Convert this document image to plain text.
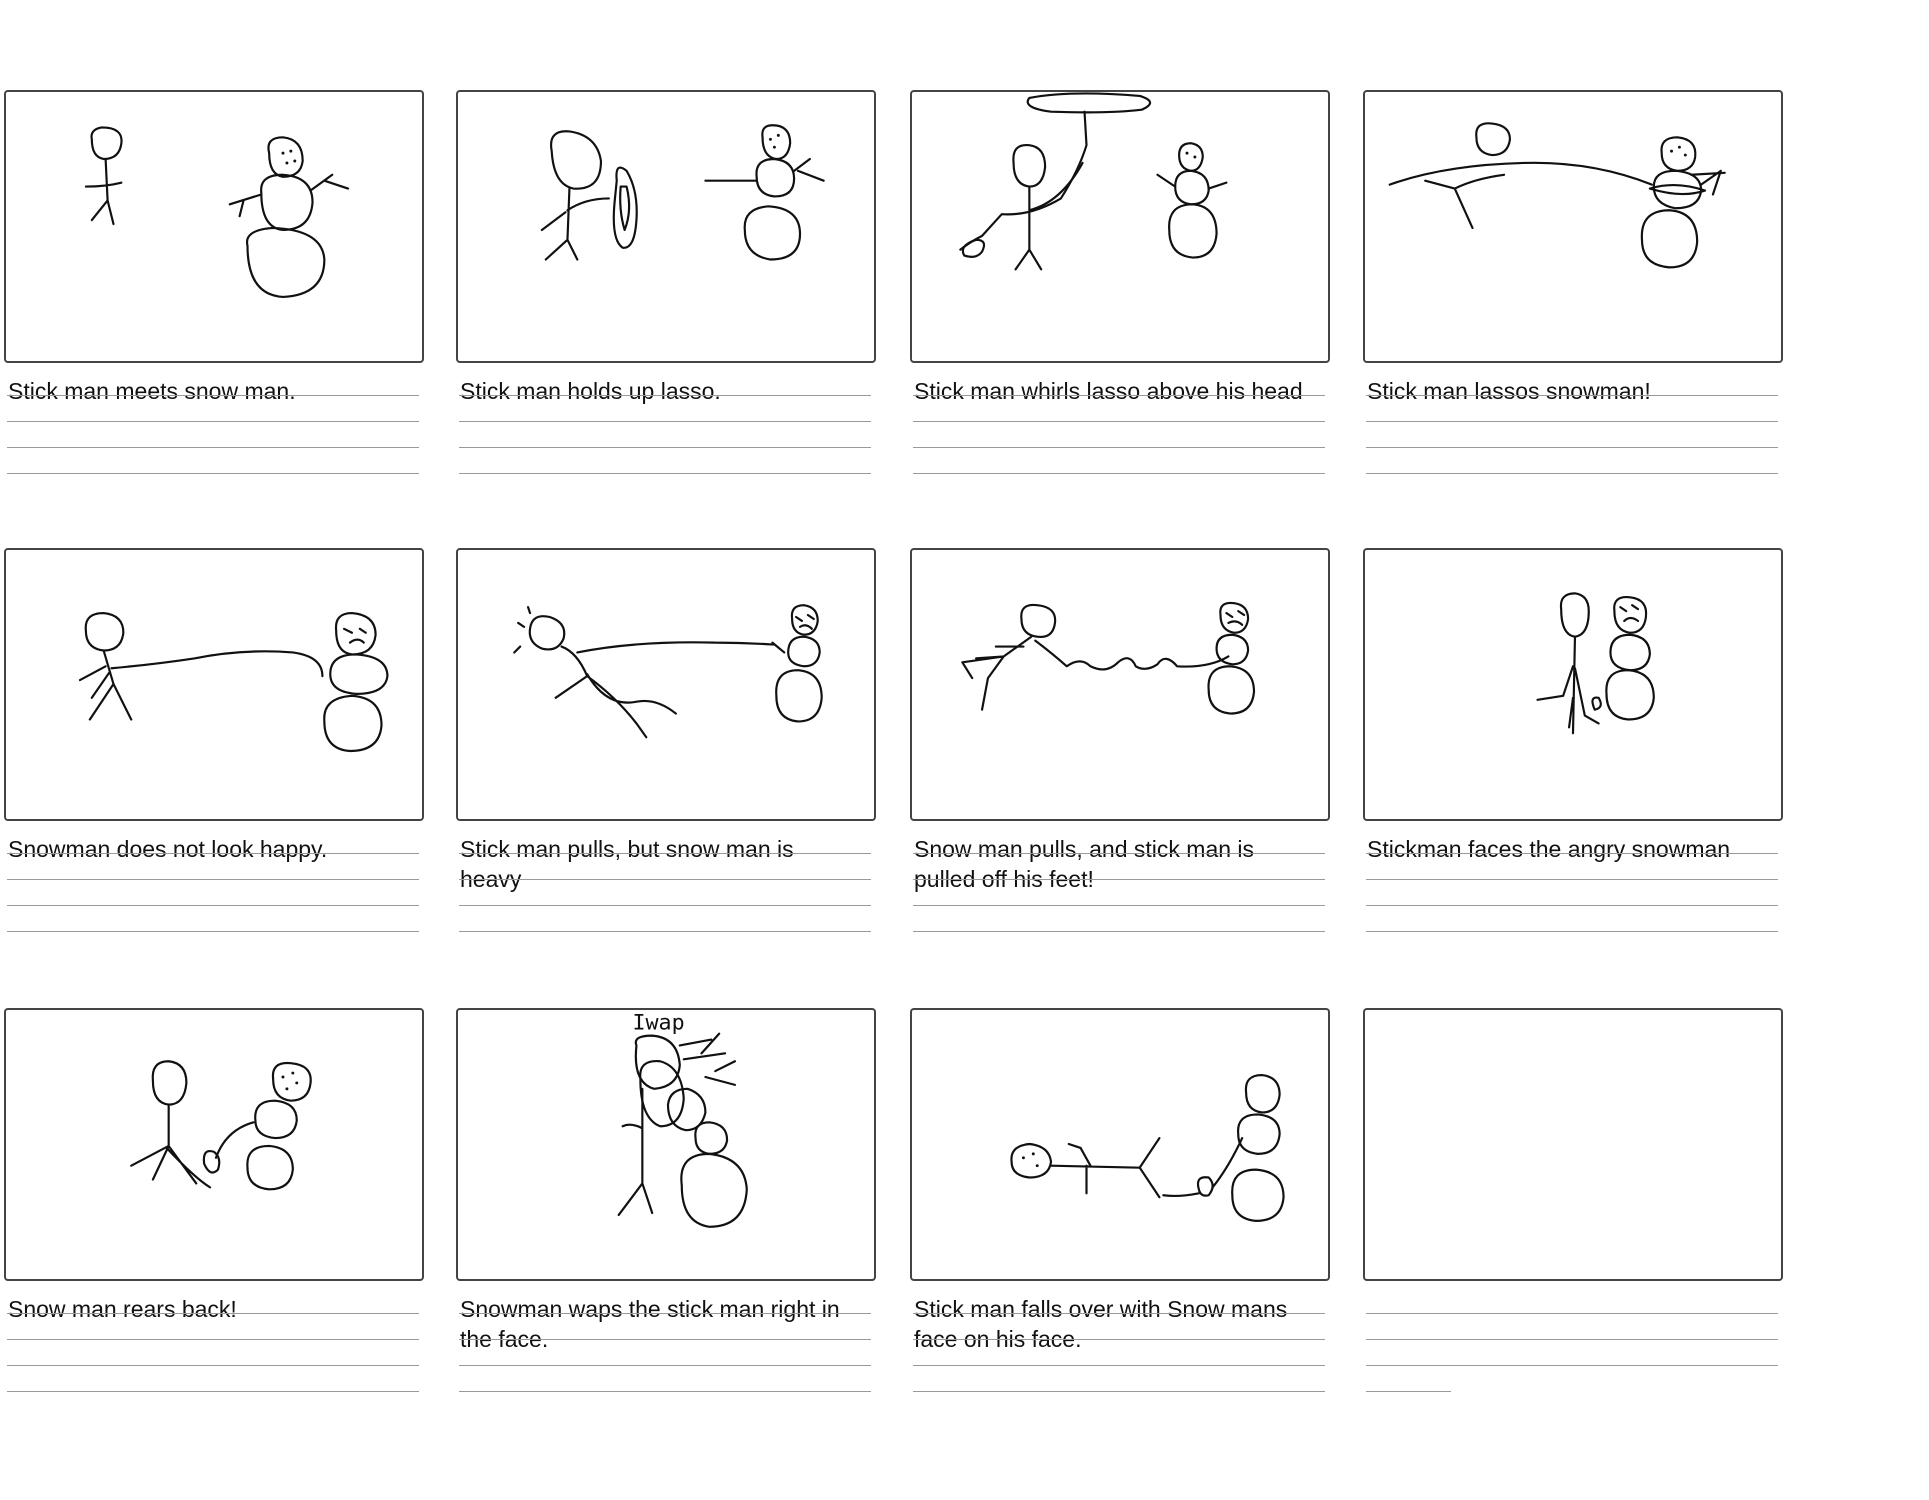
Stick man meets snow man.	Stick man holds up lasso.	Stick man whirls lasso above his head	Stick man lassos snowman!
Snowman does not look happy.	Stick man pulls, but snow man is
heavy
Snow man pulls, and stick man is
pulled off his feet!
Stickman faces the angry snowman
Snow man rears back!
Iwap
Snowman waps the stick man right in
the face.
Stick man falls over with Snow mans
face on his face.
